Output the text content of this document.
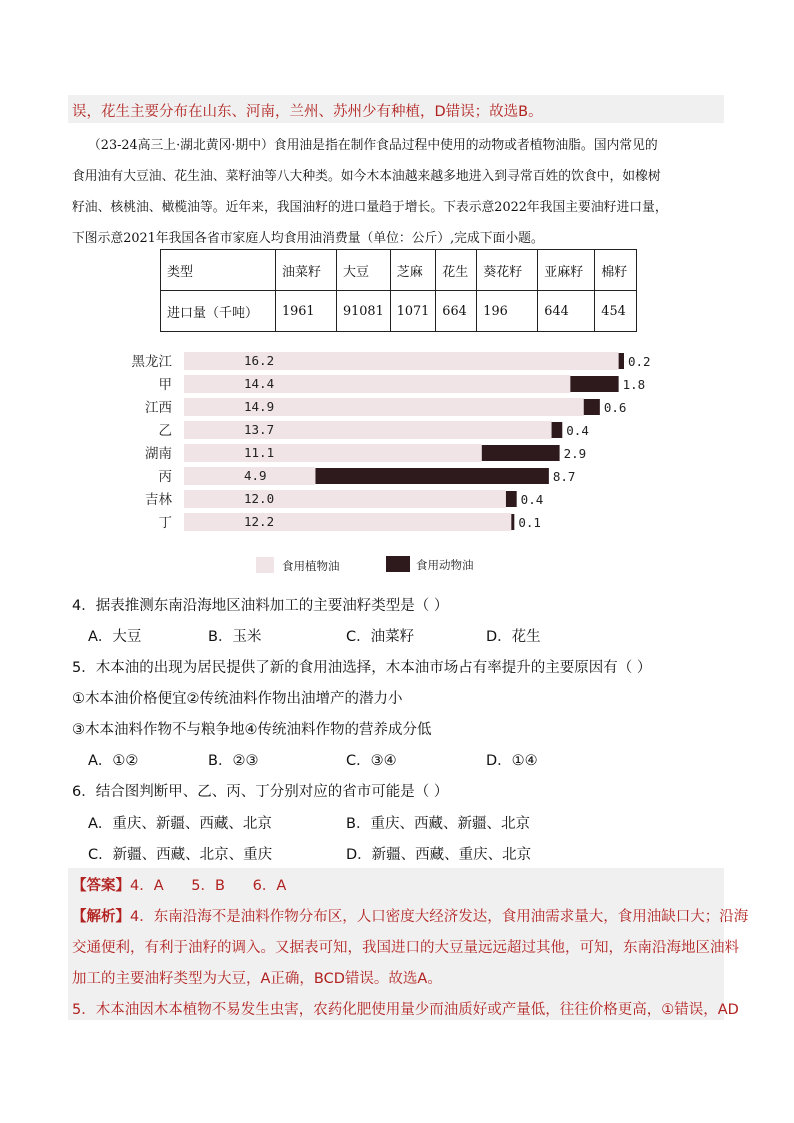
误，花生主要分布在山东、河南，兰州、苏州少有种植，D错误；故选B。
（23-24高三上·湖北黄冈·期中）食用油是指在制作食品过程中使用的动物或者植物油脂。国内常见的
食用油有大豆油、花生油、菜籽油等八大种类。如今木本油越来越多地进入到寻常百姓的饮食中，如橡树
籽油、核桃油、橄榄油等。近年来，我国油籽的进口量趋于增长。下表示意2022年我国主要油籽进口量，
下图示意2021年我国各省市家庭人均食用油消费量（单位：公斤）,完成下面小题。
类型	油菜籽	大豆	芝麻	花生	葵花籽	亚麻籽	棉籽
进口量（千吨）	1961	91081	1071	664	196	644	454
黑龙江	16.2	0.2
甲	14.4	1.8
江西	14.9	0.6
乙	13.7	0.4
湖南	11.1	2.9
丙	4.9	8.7
吉林	12.0	0.4
丁	12.2	0.1
食用植物油	食用动物油
4．据表推测东南沿海地区油料加工的主要油籽类型是（ ）
A．大豆	B．玉米	C．油菜籽	D．花生
5．木本油的出现为居民提供了新的食用油选择，木本油市场占有率提升的主要原因有（ ）
①木本油价格便宜②传统油料作物出油增产的潜力小
③木本油料作物不与粮争地④传统油料作物的营养成分低
A．①②	B．②③	C．③④	D．①④
6．结合图判断甲、乙、丙、丁分别对应的省市可能是（ ）
A．重庆、新疆、西藏、北京	B．重庆、西藏、新疆、北京
C．新疆、西藏、北京、重庆	D．新疆、西藏、重庆、北京
【答案】4．A      5．B      6．A
【解析】4．东南沿海不是油料作物分布区，人口密度大经济发达，食用油需求量大，食用油缺口大；沿海
交通便利，有利于油籽的调入。又据表可知，我国进口的大豆量远远超过其他，可知，东南沿海地区油料
加工的主要油籽类型为大豆，A正确，BCD错误。故选A。
5．木本油因木本植物不易发生虫害，农药化肥使用量少而油质好或产量低，往往价格更高，①错误，AD
